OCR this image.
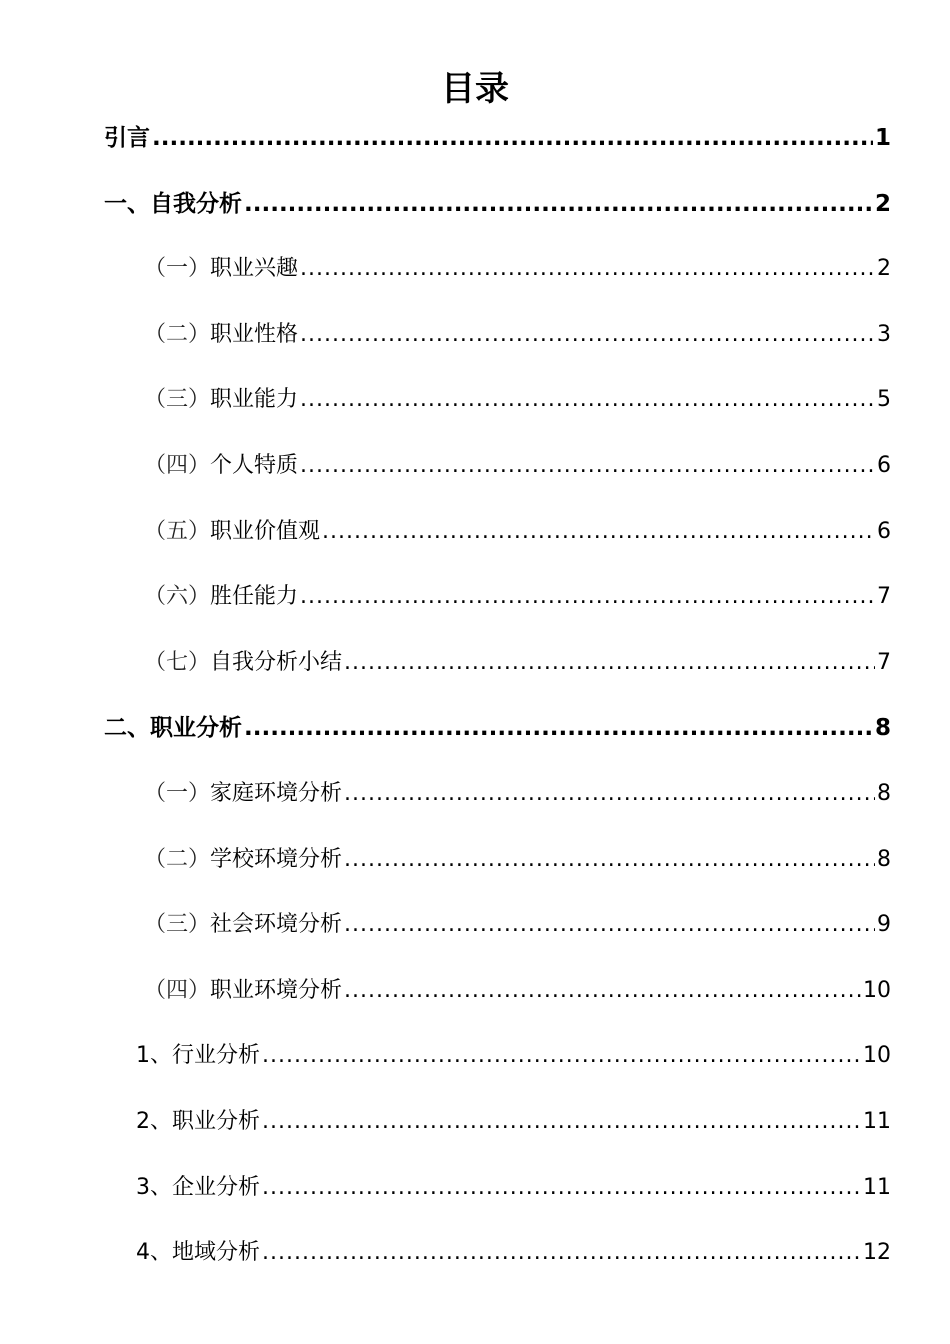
目录
引言 .....	1
一、自我分析 .....	2
（一） 职业兴趣 .....	2
（二） 职业性格 .....	3
（三） 职业能力 .....	5
（四） 个人特质 .....	6
（五） 职业价值观 .....	6
（六） 胜任能力 .....	7
（七） 自我分析小结 .....	7
二、职业分析 .....	8
（一） 家庭环境分析 .....	8
（二） 学校环境分析 .....	8
（三） 社会环境分析 .....	9
（四） 职业环境分析 .....	10
1、 行业分析 .....	10
2、 职业分析 .....	11
3、 企业分析 .....	11
4、 地域分析 .....	12
